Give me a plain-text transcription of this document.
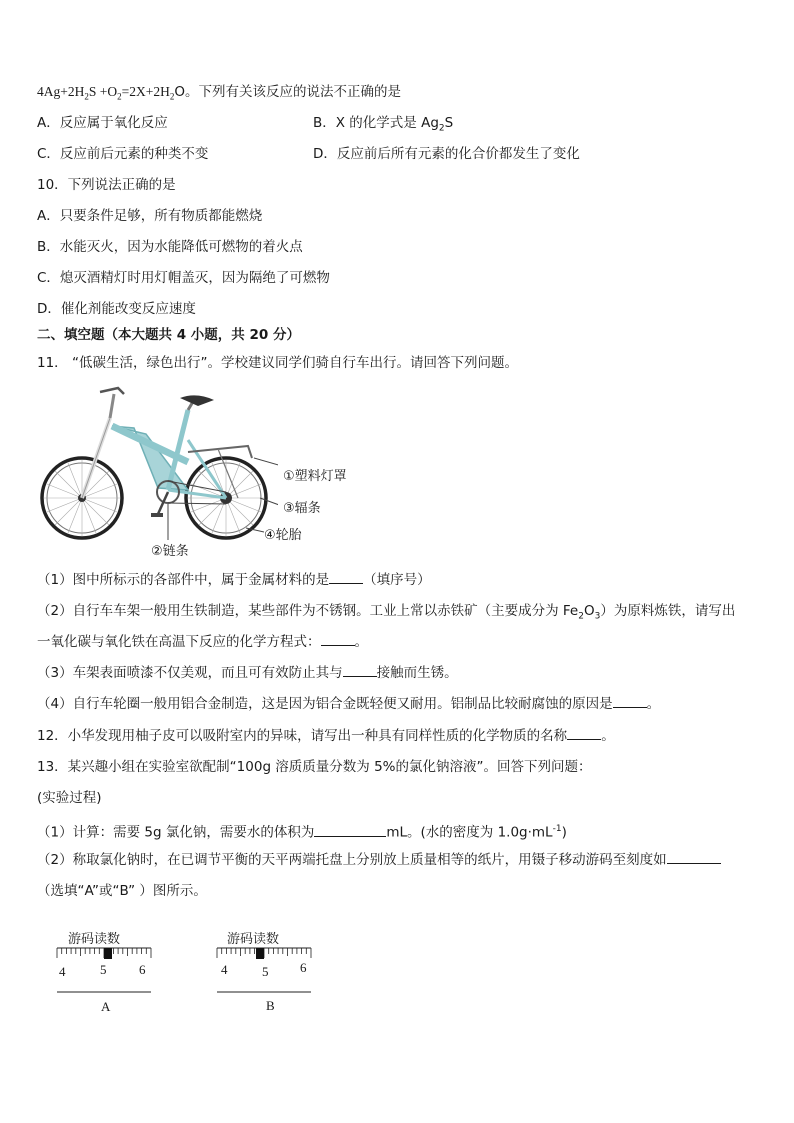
$4Ag+2H_2S +O_2=2X+2H_2O$。下列有关该反应的说法不正确的是
A．反应属于氧化反应	B．X 的化学式是 $Ag_2S$
C．反应前后元素的种类不变	D．反应前后所有元素的化合价都发生了变化
10．下列说法正确的是
A．只要条件足够，所有物质都能燃烧
B．水能灭火，因为水能降低可燃物的着火点
C．熄灭酒精灯时用灯帽盖灭，因为隔绝了可燃物
D．催化剂能改变反应速度
二、填空题（本大题共 4 小题，共 20 分）
11． “低碳生活，绿色出行”。学校建议同学们骑自行车出行。请回答下列问题。
①塑料灯罩
③辐条
④轮胎
②链条
（1）图中所标示的各部件中，属于金属材料的是	（填序号）
（2）自行车车架一般用生铁制造，某些部件为不锈钢。工业上常以赤铁矿（主要成分为 $Fe_2O_3$）为原料炼铁，请写出
一氧化碳与氧化铁在高温下反应的化学方程式：	。
（3）车架表面喷漆不仅美观，而且可有效防止其与	接触而生锈。
（4）自行车轮圈一般用铝合金制造，这是因为铝合金既轻便又耐用。铝制品比较耐腐蚀的原因是	。
12．小华发现用柚子皮可以吸附室内的异味，请写出一种具有同样性质的化学物质的名称	。
13．某兴趣小组在实验室欲配制“100g 溶质质量分数为 5%的氯化钠溶液”。回答下列问题：
(实验过程)
（1）计算：需要 5g 氯化钠，需要水的体积为	mL。(水的密度为 $1.0g\cdot mL^{-1}$)
（2）称取氯化钠时，在已调节平衡的天平两端托盘上分别放上质量相等的纸片，用镊子移动游码至刻度如
（选填“A”或“B” ）图所示。
游码读数
4	5	6
A
游码读数
4	5 6
B
